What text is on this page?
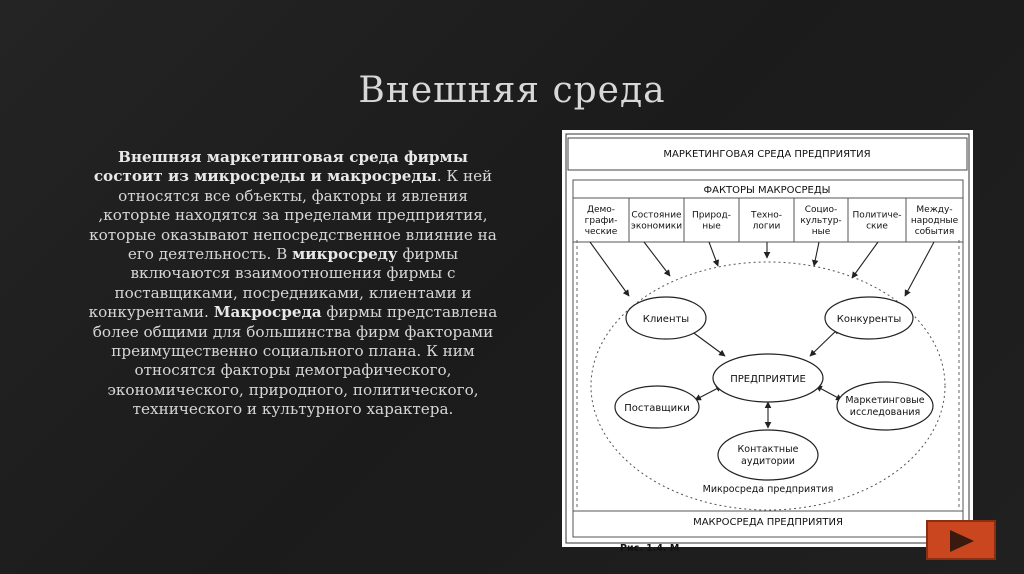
Внешняя среда
Внешняя маркетинговая среда фирмы состоит из микросреды и макросреды. К ней относятся все объекты, факторы и явления ,которые находятся за пределами предприятия, которые оказывают непосредственное влияние на его деятельность. В микросреду фирмы включаются взаимоотношения фирмы с поставщиками, посредниками, клиентами и конкурентами. Макросреда фирмы представлена более общими для большинства фирм факторами преимущественно социального плана. К ним относятся факторы демографического, экономического, природного, политического, технического и культурного характера.
МАРКЕТИНГОВАЯ СРЕДА ПРЕДПРИЯТИЯ
ФАКТОРЫ МАКРОСРЕДЫ
Демо-
графи-
ческие
Состояние
экономики
Природ-
ные
Техно-
логии
Социо-
культур-
ные
Политиче-
ские
Между-
народные
события
Клиенты	Конкуренты
ПРЕДПРИЯТИЕ
Поставщики
Маркетинговые
исследования
Контактные
аудитории
Микросреда предприятия
МАКРОСРЕДА ПРЕДПРИЯТИЯ
Рис. 1.4. М
